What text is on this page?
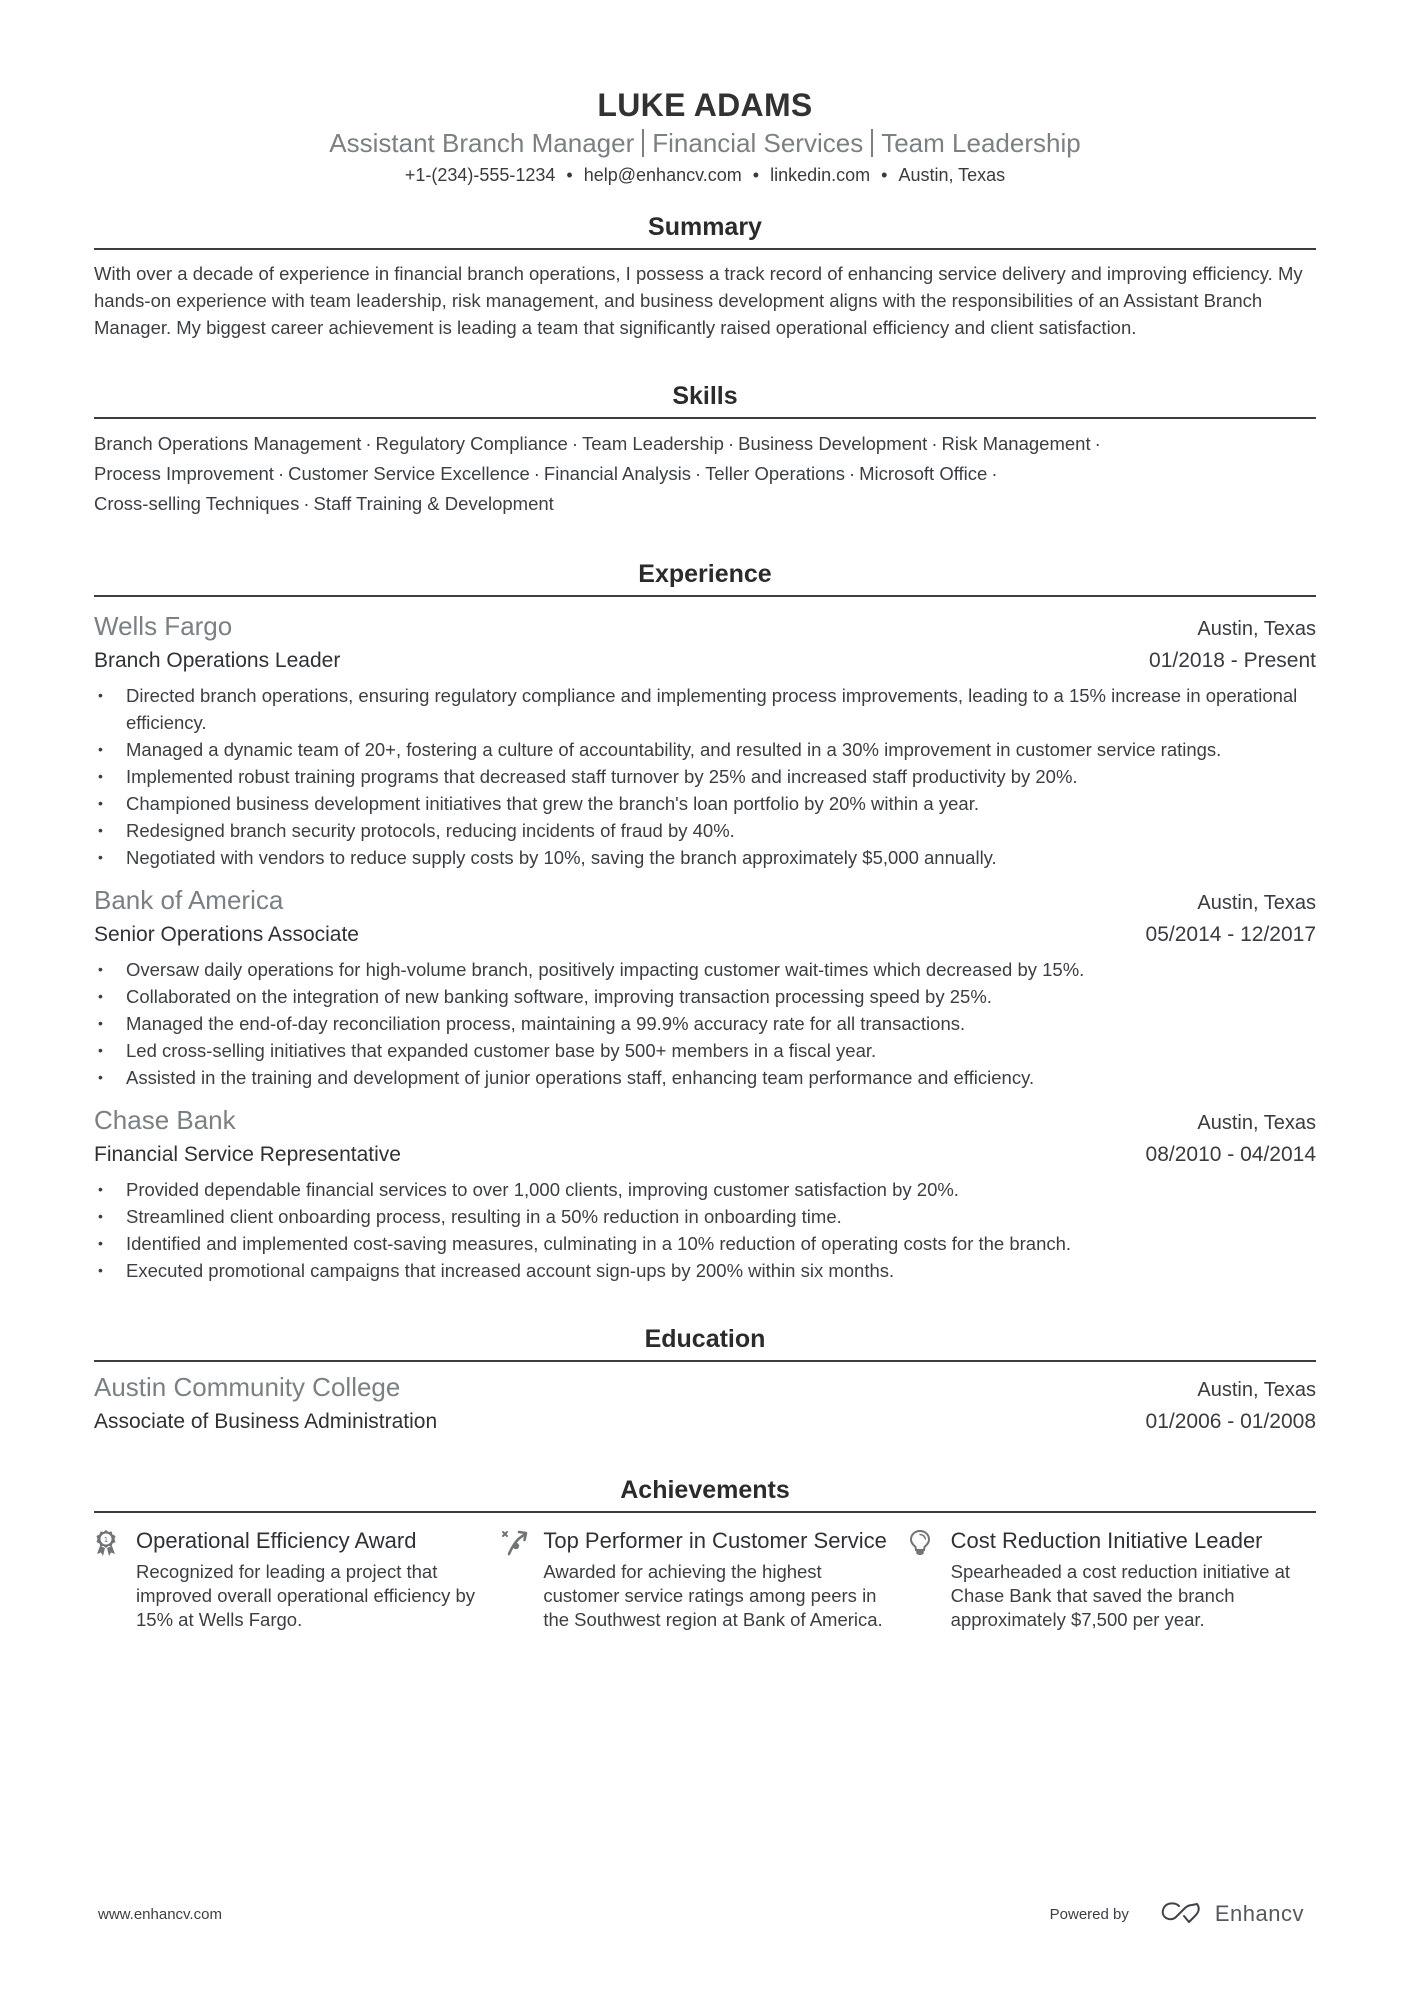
LUKE ADAMS
Assistant Branch Manager Financial Services Team Leadership
+1-(234)-555-1234 • help@enhancv.com • linkedin.com • Austin, Texas
Summary

With over a decade of experience in financial branch operations, I possess a track record of enhancing service delivery and improving efficiency. My hands-on experience with team leadership, risk management, and business development aligns with the responsibilities of an Assistant Branch Manager. My biggest career achievement is leading a team that significantly raised operational efficiency and client satisfaction.

Skills
Branch Operations Management · Regulatory Compliance · Team Leadership · Business Development · Risk Management ·
Process Improvement · Customer Service Excellence · Financial Analysis · Teller Operations · Microsoft Office ·
Cross-selling Techniques · Staff Training & Development
Experience
Wells Fargo	Austin, Texas
Branch Operations Leader	01/2018 - Present
• Directed branch operations, ensuring regulatory compliance and implementing process improvements, leading to a 15% increase in operational efficiency.
• Managed a dynamic team of 20+, fostering a culture of accountability, and resulted in a 30% improvement in customer service ratings.
• Implemented robust training programs that decreased staff turnover by 25% and increased staff productivity by 20%.
• Championed business development initiatives that grew the branch's loan portfolio by 20% within a year.
• Redesigned branch security protocols, reducing incidents of fraud by 40%.
• Negotiated with vendors to reduce supply costs by 10%, saving the branch approximately $5,000 annually.
Bank of America	Austin, Texas
Senior Operations Associate	05/2014 - 12/2017
• Oversaw daily operations for high-volume branch, positively impacting customer wait-times which decreased by 15%.
• Collaborated on the integration of new banking software, improving transaction processing speed by 25%.
• Managed the end-of-day reconciliation process, maintaining a 99.9% accuracy rate for all transactions.
• Led cross-selling initiatives that expanded customer base by 500+ members in a fiscal year.
• Assisted in the training and development of junior operations staff, enhancing team performance and efficiency.
Chase Bank	Austin, Texas
Financial Service Representative	08/2010 - 04/2014
• Provided dependable financial services to over 1,000 clients, improving customer satisfaction by 20%.
• Streamlined client onboarding process, resulting in a 50% reduction in onboarding time.
• Identified and implemented cost-saving measures, culminating in a 10% reduction of operating costs for the branch.
• Executed promotional campaigns that increased account sign-ups by 200% within six months.
Education
Austin Community College	Austin, Texas
Associate of Business Administration	01/2006 - 01/2008
Achievements
1 Operational Efficiency Award
Recognized for leading a project that improved overall operational efficiency by 15% at Wells Fargo.
Top Performer in Customer Service
Awarded for achieving the highest customer service ratings among peers in the Southwest region at Bank of America.
Cost Reduction Initiative Leader
Spearheaded a cost reduction initiative at Chase Bank that saved the branch approximately $7,500 per year.
www.enhancv.com	Powered by	Enhancv
